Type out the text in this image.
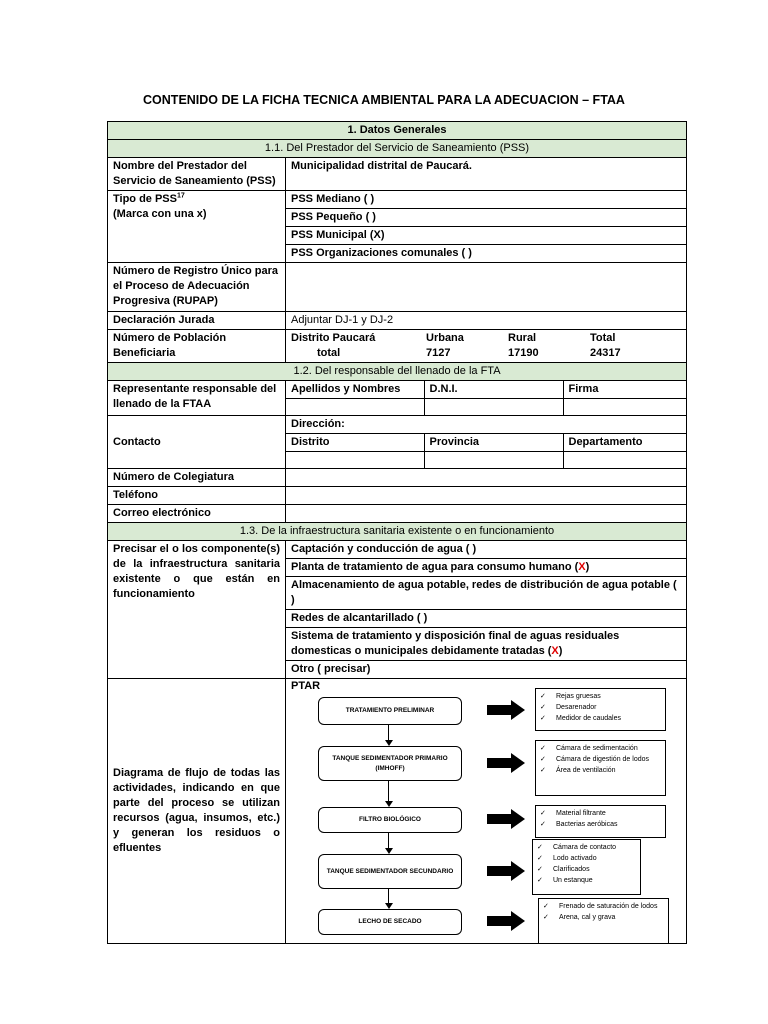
CONTENIDO DE LA FICHA TECNICA AMBIENTAL PARA LA ADECUACION – FTAA
1. Datos Generales
1.1. Del Prestador del Servicio de Saneamiento (PSS)
Nombre del Prestador del Servicio de Saneamiento (PSS)	Municipalidad distrital de Paucará.
Tipo de PSS$^{17}$
(Marca con una x)	PSS Mediano ( )
PSS Pequeño ( )
PSS Municipal (X)
PSS Organizaciones comunales ( )
Número de Registro Único para el Proceso de Adecuación Progresiva (RUPAP)	
Declaración Jurada	Adjuntar DJ-1 y DJ-2
Número de Población Beneficiaria	
Distrito Paucará	Urbana	Rural	Total
total	7127	17190	24317

1.2. Del responsable del llenado de la FTA
Representante responsable del llenado de la FTAA	
Apellidos y Nombres	D.N.I.	Firma

Contacto	Dirección:

Distrito	Provincia	Departamento

Número de Colegiatura	
Teléfono	
Correo electrónico	
1.3. De la infraestructura sanitaria existente o en funcionamiento
Precisar el o los componente(s) de la infraestructura sanitaria existente o que están en funcionamiento	Captación y conducción de agua ( )
Planta de tratamiento de agua para consumo humano (X)
Almacenamiento de agua potable, redes de distribución de agua potable ( )
Redes de alcantarillado ( )
Sistema de tratamiento y disposición final de aguas residuales domesticas o municipales debidamente tratadas (X)
Otro ( precisar)
Diagrama de flujo de todas las actividades, indicando en que parte del proceso se utilizan recursos (agua, insumos, etc.) y generan los residuos o efluentes	
PTAR
TRATAMIENTO PRELIMINAR
✓	Rejas gruesas
✓	Desarenador
✓	Medidor de caudales
TANQUE SEDIMENTADOR PRIMARIO (IMHOFF)
✓	Cámara de sedimentación
✓	Cámara de digestión de lodos
✓	Área de ventilación
FILTRO BIOLÓGICO
✓	Material filtrante
✓	Bacterias aeróbicas
TANQUE SEDIMENTADOR SECUNDARIO
✓	Cámara de contacto
✓	Lodo activado
✓	Clarificados
✓	Un estanque
LECHO DE SECADO
✓	Frenado de saturación de lodos
✓	Arena, cal y grava
